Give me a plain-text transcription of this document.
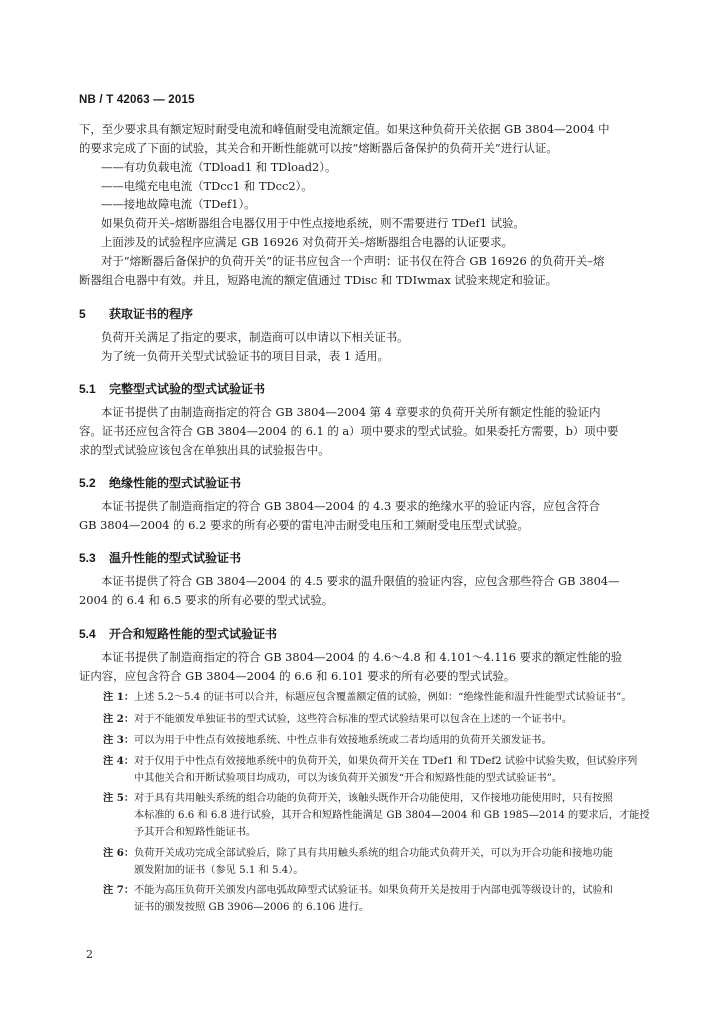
NB / T 42063 — 2015
下，至少要求具有额定短时耐受电流和峰值耐受电流额定值。如果这种负荷开关依据 GB 3804—2004 中
的要求完成了下面的试验，其关合和开断性能就可以按“熔断器后备保护的负荷开关”进行认证。
——有功负载电流（TDload1 和 TDload2）。
——电缆充电电流（TDcc1 和 TDcc2）。
——接地故障电流（TDef1）。
如果负荷开关–熔断器组合电器仅用于中性点接地系统，则不需要进行 TDef1 试验。
上面涉及的试验程序应满足 GB 16926 对负荷开关–熔断器组合电器的认证要求。
对于“熔断器后备保护的负荷开关”的证书应包含一个声明：证书仅在符合 GB 16926 的负荷开关–熔
断器组合电器中有效。并且，短路电流的额定值通过 TDisc 和 TDIwmax 试验来规定和验证。
5 获取证书的程序
负荷开关满足了指定的要求，制造商可以申请以下相关证书。
为了统一负荷开关型式试验证书的项目目录，表 1 适用。
5.1 完整型式试验的型式试验证书
本证书提供了由制造商指定的符合 GB 3804—2004 第 4 章要求的负荷开关所有额定性能的验证内
容。证书还应包含符合 GB 3804—2004 的 6.1 的 a）项中要求的型式试验。如果委托方需要，b）项中要
求的型式试验应该包含在单独出具的试验报告中。
5.2 绝缘性能的型式试验证书
本证书提供了制造商指定的符合 GB 3804—2004 的 4.3 要求的绝缘水平的验证内容，应包含符合
GB 3804—2004 的 6.2 要求的所有必要的雷电冲击耐受电压和工频耐受电压型式试验。
5.3 温升性能的型式试验证书
本证书提供了符合 GB 3804—2004 的 4.5 要求的温升限值的验证内容，应包含那些符合 GB 3804—
2004 的 6.4 和 6.5 要求的所有必要的型式试验。
5.4 开合和短路性能的型式试验证书
本证书提供了制造商指定的符合 GB 3804—2004 的 4.6～4.8 和 4.101～4.116 要求的额定性能的验
证内容，应包含符合 GB 3804—2004 的 6.6 和 6.101 要求的所有必要的型式试验。
注 1：上述 5.2～5.4 的证书可以合并，标题应包含覆盖额定值的试验，例如：“绝缘性能和温升性能型式试验证书”。
注 2：对于不能颁发单独证书的型式试验，这些符合标准的型式试验结果可以包含在上述的一个证书中。
注 3：可以为用于中性点有效接地系统、中性点非有效接地系统或二者均适用的负荷开关颁发证书。
注 4：对于仅用于中性点有效接地系统中的负荷开关，如果负荷开关在 TDef1 和 TDef2 试验中试验失败，但试验序列
中其他关合和开断试验项目均成功，可以为该负荷开关颁发“开合和短路性能的型式试验证书”。
注 5：对于具有共用触头系统的组合功能的负荷开关，该触头既作开合功能使用，又作接地功能使用时，只有按照
本标准的 6.6 和 6.8 进行试验，其开合和短路性能满足 GB 3804—2004 和 GB 1985—2014 的要求后，才能授
予其开合和短路性能证书。
注 6：负荷开关成功完成全部试验后，除了具有共用触头系统的组合功能式负荷开关，可以为开合功能和接地功能
颁发附加的证书（参见 5.1 和 5.4）。
注 7：不能为高压负荷开关颁发内部电弧故障型式试验证书。如果负荷开关是按用于内部电弧等级设计的，试验和
证书的颁发按照 GB 3906—2006 的 6.106 进行。
2
